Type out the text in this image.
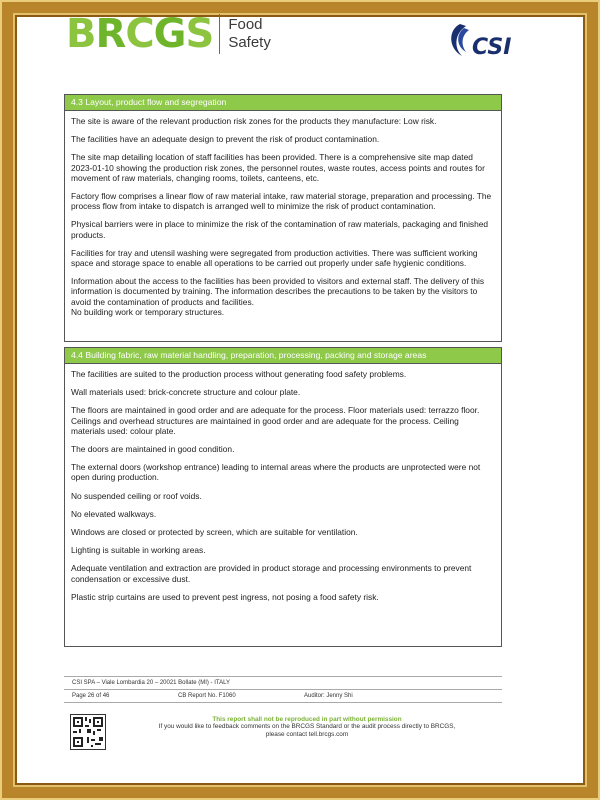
BRCGS Food
Safety	CSI
4.3 Layout, product flow and segregation

The site is aware of the relevant production risk zones for the products they manufacture: Low risk.

The facilities have an adequate design to prevent the risk of product contamination.

The site map detailing location of staff facilities has been provided. There is a comprehensive site map dated 2023-01-10 showing the production risk zones, the personnel routes, waste routes, access points and routes for movement of raw materials, changing rooms, toilets, canteens, etc.

Factory flow comprises a linear flow of raw material intake, raw material storage, preparation and processing. The process flow from intake to dispatch is arranged well to minimize the risk of product contamination.

Physical barriers were in place to minimize the risk of the contamination of raw materials, packaging and finished products.

Facilities for tray and utensil washing were segregated from production activities. There was sufficient working space and storage space to enable all operations to be carried out properly under safe hygienic conditions.

Information about the access to the facilities has been provided to visitors and external staff. The delivery of this information is documented by training. The information describes the precautions to be taken by the visitors to avoid the contamination of products and facilities.
No building work or temporary structures.

4.4 Building fabric, raw material handling, preparation, processing, packing and storage areas

The facilities are suited to the production process without generating food safety problems.

Wall materials used: brick-concrete structure and colour plate.

The floors are maintained in good order and are adequate for the process. Floor materials used: terrazzo floor. Ceilings and overhead structures are maintained in good order and are adequate for the process. Ceiling materials used: colour plate.

The doors are maintained in good condition.

The external doors (workshop entrance) leading to internal areas where the products are unprotected were not open during production.

No suspended ceiling or roof voids.

No elevated walkways.

Windows are closed or protected by screen, which are suitable for ventilation.

Lighting is suitable in working areas.

Adequate ventilation and extraction are provided in product storage and processing environments to prevent condensation or excessive dust.

Plastic strip curtains are used to prevent pest ingress, not posing a food safety risk.

CSI SPA – Viale Lombardia 20 – 20021 Bollate (MI) - ITALY
Page 26 of 46	CB Report No. F1060	Auditor: Jenny Shi
This report shall not be reproduced in part without permission
If you would like to feedback comments on the BRCGS Standard or the audit process directly to BRCGS,
please contact tell.brcgs.com
